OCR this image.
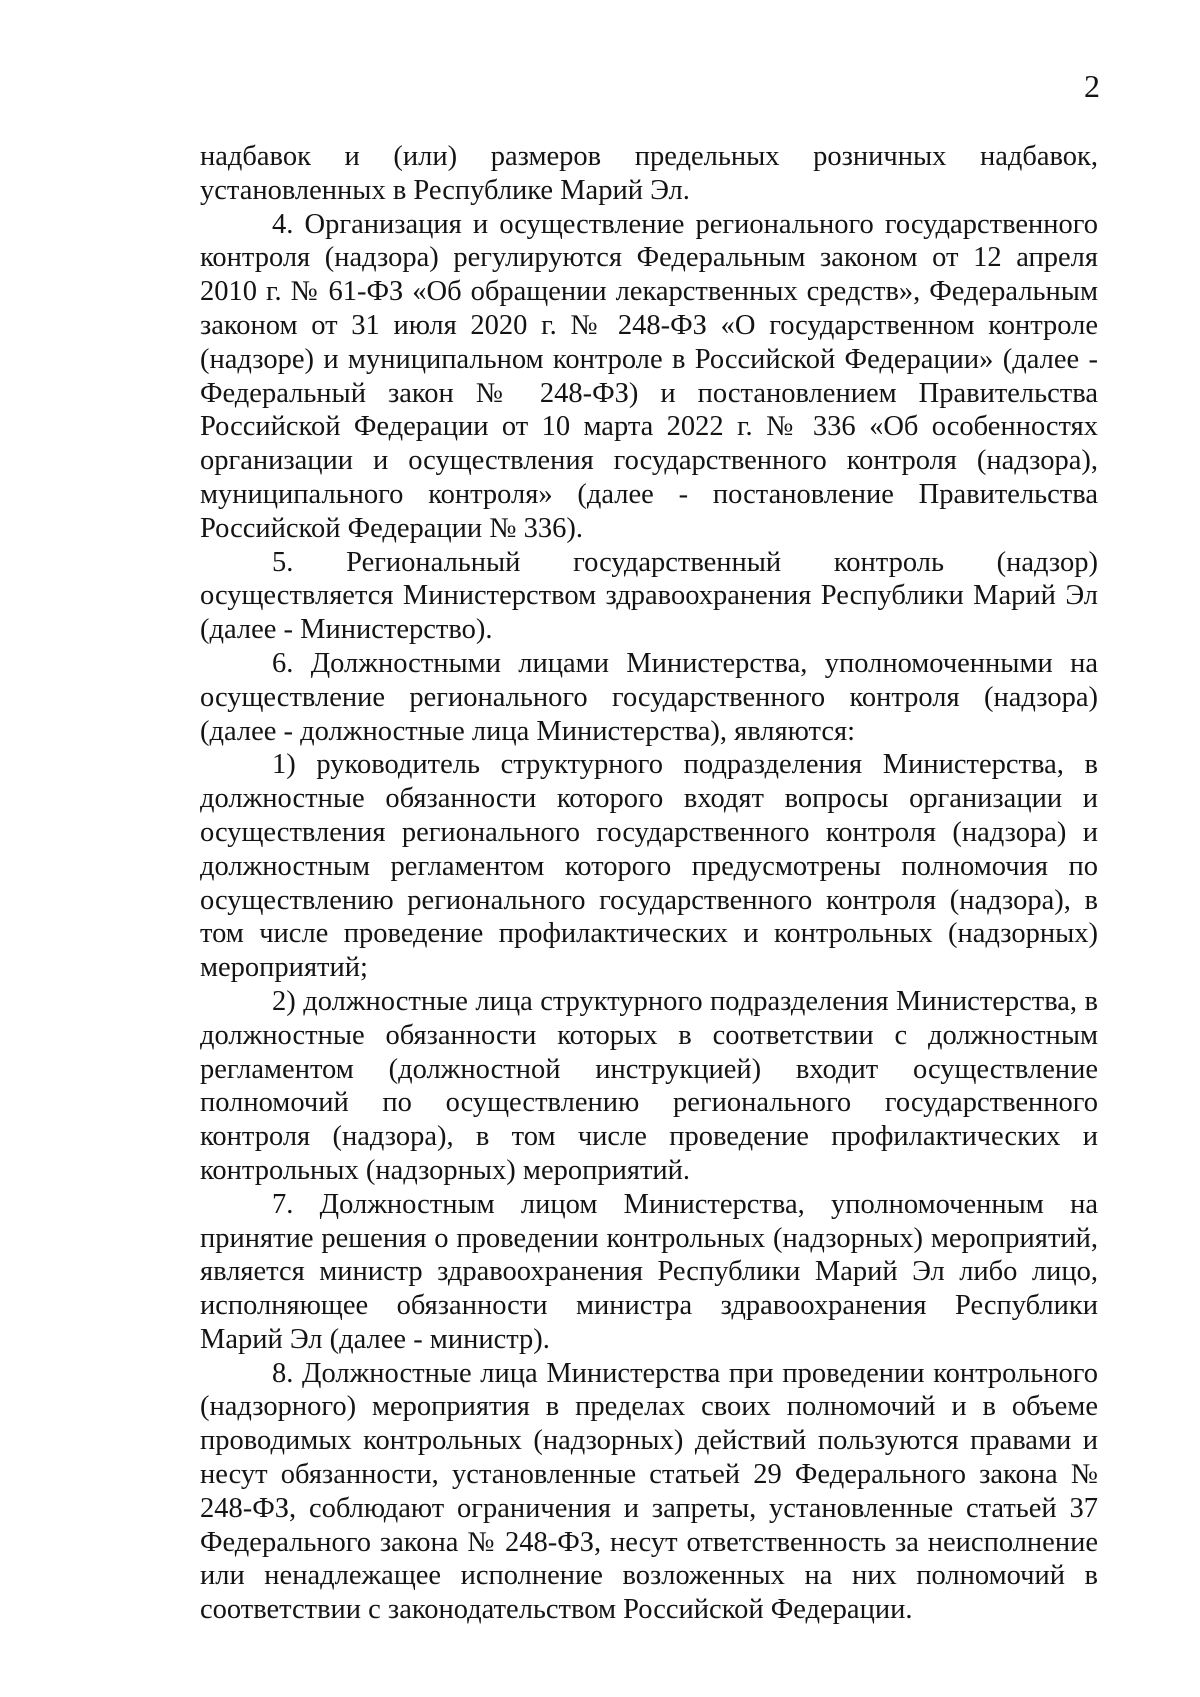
2

надбавок и (или) размеров предельных розничных надбавок, установленных в Республике Марий Эл.

4. Организация и осуществление регионального государственного контроля (надзора) регулируются Федеральным законом от 12 апреля 2010 г. № 61-ФЗ «Об обращении лекарственных средств», Федеральным законом от 31 июля 2020 г. № 248-ФЗ «О государственном контроле (надзоре) и муниципальном контроле в Российской Федерации» (далее - Федеральный закон № 248-ФЗ) и постановлением Правительства Российской Федерации от 10 марта 2022 г. № 336 «Об особенностях организации и осуществления государственного контроля (надзора), муниципального контроля» (далее - постановление Правительства Российской Федерации № 336).

5. Региональный государственный контроль (надзор) осуществляется Министерством здравоохранения Республики Марий Эл (далее - Министерство).

6. Должностными лицами Министерства, уполномоченными на осуществление регионального государственного контроля (надзора) (далее - должностные лица Министерства), являются:

1) руководитель структурного подразделения Министерства, в должностные обязанности которого входят вопросы организации и осуществления регионального государственного контроля (надзора) и должностным регламентом которого предусмотрены полномочия по осуществлению регионального государственного контроля (надзора), в том числе проведение профилактических и контрольных (надзорных) мероприятий;

2) должностные лица структурного подразделения Министерства, в должностные обязанности которых в соответствии с должностным регламентом (должностной инструкцией) входит осуществление полномочий по осуществлению регионального государственного контроля (надзора), в том числе проведение профилактических и контрольных (надзорных) мероприятий.

7. Должностным лицом Министерства, уполномоченным на принятие решения о проведении контрольных (надзорных) мероприятий, является министр здравоохранения Республики Марий Эл либо лицо, исполняющее обязанности министра здравоохранения Республики Марий Эл (далее - министр).

8. Должностные лица Министерства при проведении контрольного (надзорного) мероприятия в пределах своих полномочий и в объеме проводимых контрольных (надзорных) действий пользуются правами и несут обязанности, установленные статьей 29 Федерального закона № 248-ФЗ, соблюдают ограничения и запреты, установленные статьей 37 Федерального закона № 248-ФЗ, несут ответственность за неисполнение или ненадлежащее исполнение возложенных на них полномочий в соответствии с законодательством Российской Федерации.
